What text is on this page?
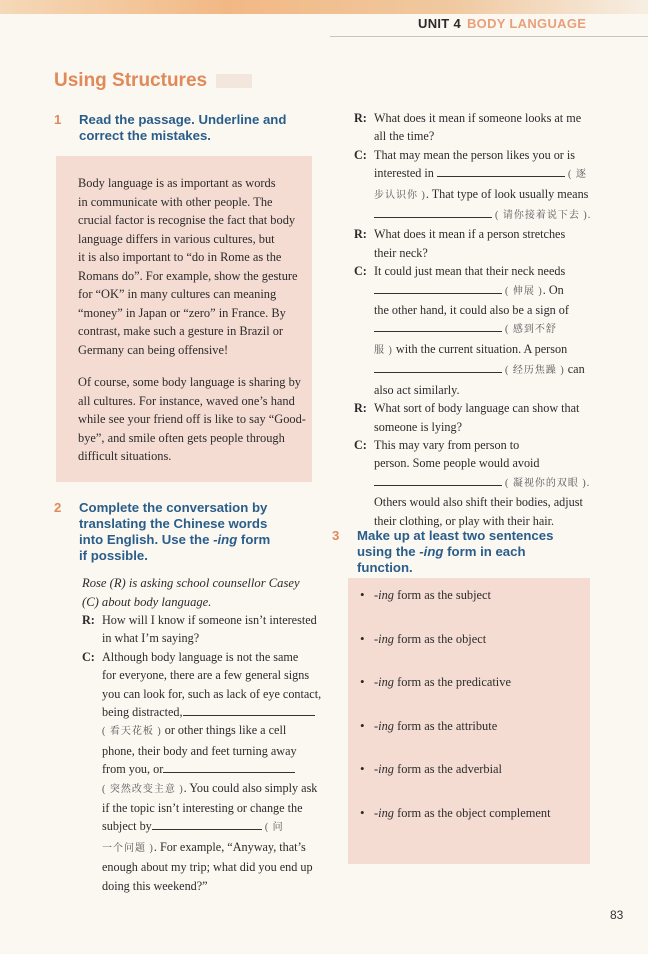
UNIT 4 BODY LANGUAGE
Using Structures
1 Read the passage. Underline and
correct the mistakes.
Body language is as important as words
in communicate with other people. The
crucial factor is recognise the fact that body
language differs in various cultures, but
it is also important to “do in Rome as the
Romans do”. For example, show the gesture
for “OK” in many cultures can meaning
“money” in Japan or “zero” in France. By
contrast, make such a gesture in Brazil or
Germany can being offensive!
Of course, some body language is sharing by
all cultures. For instance, waved one’s hand
while see your friend off is like to say “Good-
bye”, and smile often gets people through
difficult situations.
2 Complete the conversation by
translating the Chinese words
into English. Use the -ing form
if possible.
Rose (R) is asking school counsellor Casey
(C) about body language.

R: How will I know if someone isn’t interested
in what I’m saying?

C: Although body language is not the same
for everyone, there are a few general signs
you can look for, such as lack of eye contact,
being distracted,
( 看天花板 ) or other things like a cell
phone, their body and feet turning away
from you, or
( 突然改变主意 ). You could also simply ask
if the topic isn’t interesting or change the
subject by	( 问
一个问题 ). For example, “Anyway, that’s
enough about my trip; what did you end up
doing this weekend?”

R: What does it mean if someone looks at me
all the time?

C: That may mean the person likes you or is
interested in	( 逐
步认识你 ). That type of look usually means
( 请你接着说下去 ).

R: What does it mean if a person stretches
their neck?

C: It could just mean that their neck needs
( 伸展 ). On
the other hand, it could also be a sign of
( 感到不舒
服 ) with the current situation. A person
( 经历焦躁 ) can
also act similarly.

R: What sort of body language can show that
someone is lying?

C: This may vary from person to
person. Some people would avoid
( 凝视你的双眼 ).
Others would also shift their bodies, adjust
their clothing, or play with their hair.

3 Make up at least two sentences
using the -ing form in each
function.
• -ing form as the subject
• -ing form as the object
• -ing form as the predicative
• -ing form as the attribute
• -ing form as the adverbial
• -ing form as the object complement
83
